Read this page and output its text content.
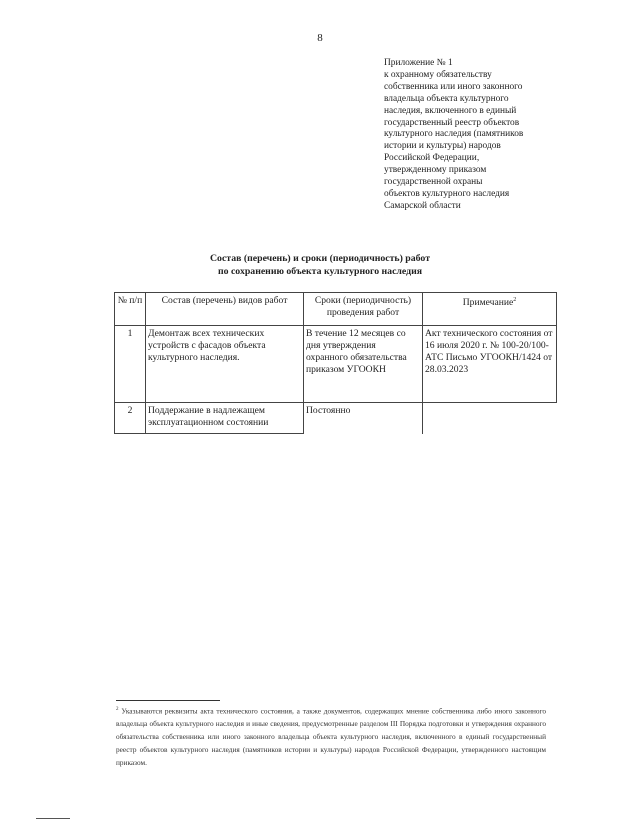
8
Приложение № 1
к охранному обязательству
собственника или иного законного
владельца объекта культурного
наследия, включенного в единый
государственный реестр объектов
культурного наследия (памятников
истории и культуры) народов
Российской Федерации,
утвержденному приказом
государственной охраны
объектов культурного наследия
Самарской области
Состав (перечень) и сроки (периодичность) работ
по сохранению объекта культурного наследия
№ п/п	Состав (перечень) видов работ	Сроки (периодичность) проведения работ	Примечание$^2$
1	Демонтаж всех технических устройств с фасадов объекта культурного наследия.	В течение 12 месяцев со дня утверждения охранного обязательства приказом УГООКН	Акт технического состояния от 16 июля 2020 г. № 100-20/100-АТС Письмо УГООКН/1424 от 28.03.2023
2	Поддержание в надлежащем эксплуатационном состоянии	Постоянно	
$^2$ Указываются реквизиты акта технического состояния, а также документов, содержащих мнение собственника либо иного законного владельца объекта культурного наследия и иные сведения, предусмотренные разделом III Порядка подготовки и утверждения охранного обязательства собственника или иного законного владельца объекта культурного наследия, включенного в единый государственный реестр объектов культурного наследия (памятников истории и культуры) народов Российской Федерации, утвержденного настоящим приказом.
